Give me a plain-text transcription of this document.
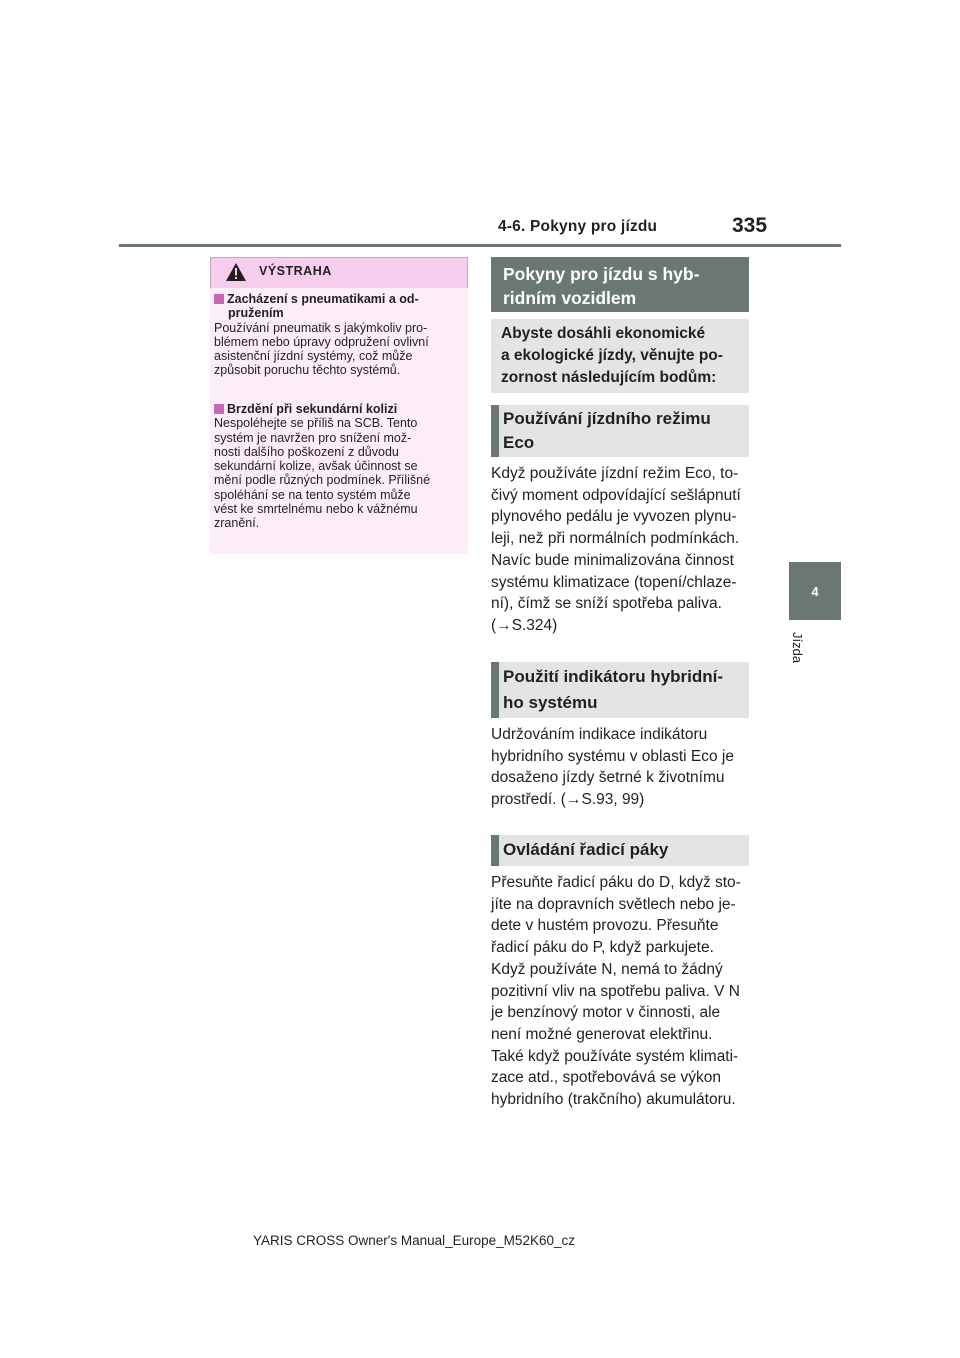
4-6. Pokyny pro jízdu	335
4
Jízda
VÝSTRAHA
Zacházení s pneumatikami a od-
pružením

Používání pneumatik s jakýmkoliv pro-

blémem nebo úpravy odpružení ovlivní

asistenční jízdní systémy, což může

způsobit poruchu těchto systémů.

Brzdění při sekundární kolizi

Nespoléhejte se příliš na SCB. Tento

systém je navržen pro snížení mož-

nosti dalšího poškození z důvodu

sekundární kolize, avšak účinnost se

mění podle různých podmínek. Přílišné

spoléhání se na tento systém může

vést ke smrtelnému nebo k vážnému

zranění.

Pokyny pro jízdu s hyb-
ridním vozidlem
Abyste dosáhli ekonomické
a ekologické jízdy, věnujte po-
zornost následujícím bodům:
Používání jízdního režimu
Eco

Když používáte jízdní režim Eco, to-

čivý moment odpovídající sešlápnutí

plynového pedálu je vyvozen plynu-

leji, než při normálních podmínkách.

Navíc bude minimalizována činnost

systému klimatizace (topení/chlaze-

ní), čímž se sníží spotřeba paliva.

(→S.324)

Použití indikátoru hybridní-
ho systému

Udržováním indikace indikátoru

hybridního systému v oblasti Eco je

dosaženo jízdy šetrné k životnímu

prostředí. (→S.93, 99)

Ovládání řadicí páky

Přesuňte řadicí páku do D, když sto-

jíte na dopravních světlech nebo je-

dete v hustém provozu. Přesuňte

řadicí páku do P, když parkujete.

Když používáte N, nemá to žádný

pozitivní vliv na spotřebu paliva. V N

je benzínový motor v činnosti, ale

není možné generovat elektřinu.

Také když používáte systém klimati-

zace atd., spotřebovává se výkon

hybridního (trakčního) akumulátoru.

YARIS CROSS Owner's Manual_Europe_M52K60_cz
